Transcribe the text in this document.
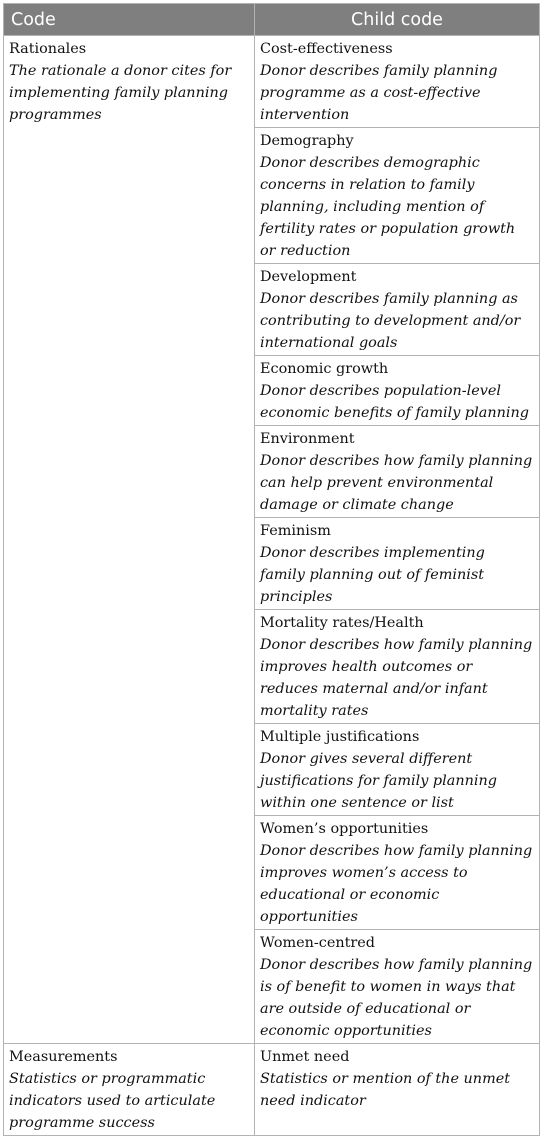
Code	Child code

Rationales
The rationale a donor cites for implementing family planning programmes	Cost-effectiveness
Donor describes family planning programme as a cost-effective intervention

	Demography
Donor describes demographic concerns in relation to family planning, including mention of fertility rates or population growth or reduction

	Development
Donor describes family planning as contributing to development and/or international goals

	Economic growth
Donor describes population-level economic benefits of family planning

	Environment
Donor describes how family planning can help prevent environmental damage or climate change

	Feminism
Donor describes implementing family planning out of feminist principles

	Mortality rates/Health
Donor describes how family planning improves health outcomes or reduces maternal and/or infant mortality rates

	Multiple justifications
Donor gives several different justifications for family planning within one sentence or list

	Women’s opportunities
Donor describes how family planning improves women’s access to educational or economic opportunities

	Women-centred
Donor describes how family planning is of benefit to women in ways that are outside of educational or economic opportunities

Measurements
Statistics or programmatic indicators used to articulate programme success	Unmet need
Statistics or mention of the unmet need indicator
